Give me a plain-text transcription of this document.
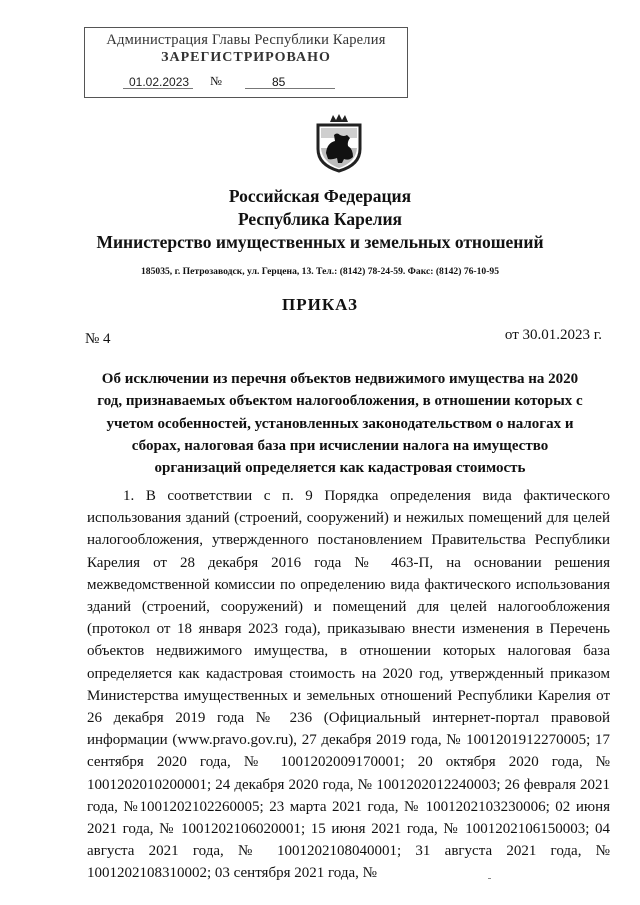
Администрация Главы Республики Карелия
ЗАРЕГИСТРИРОВАНО
01.02.2023 №	85
Российская Федерация
Республика Карелия
Министерство имущественных и земельных отношений
185035, г. Петрозаводск, ул. Герцена, 13. Тел.: (8142) 78-24-59. Факс: (8142) 76-10-95
ПРИКАЗ
№ 4	от 30.01.2023 г.
Об исключении из перечня объектов недвижимого имущества на 2020 год, признаваемых объектом налогообложения, в отношении которых с учетом особенностей, установленных законодательством о налогах и сборах, налоговая база при исчислении налога на имущество организаций определяется как кадастровая стоимость
1. В соответствии с п. 9 Порядка определения вида фактического использования зданий (строений, сооружений) и нежилых помещений для целей налогообложения, утвержденного постановлением Правительства Республики Карелия от 28 декабря 2016 года № 463-П, на основании решения межведомственной комиссии по определению вида фактического использования зданий (строений, сооружений) и помещений для целей налогообложения (протокол от 18 января 2023 года), приказываю внести изменения в Перечень объектов недвижимого имущества, в отношении которых налоговая база определяется как кадастровая стоимость на 2020 год, утвержденный приказом Министерства имущественных и земельных отношений Республики Карелия от 26 декабря 2019 года № 236 (Официальный интернет-портал правовой информации (www.pravo.gov.ru), 27 декабря 2019 года, № 1001201912270005; 17 сентября 2020 года, № 1001202009170001; 20 октября 2020 года, № 1001202010200001; 24 декабря 2020 года, № 1001202012240003; 26 февраля 2021 года, №1001202102260005; 23 марта 2021 года, № 1001202103230006; 02 июня 2021 года, № 1001202106020001; 15 июня 2021 года, № 1001202106150003; 04 августа 2021 года, № 1001202108040001; 31 августа 2021 года, № 1001202108310002; 03 сентября 2021 года, №
